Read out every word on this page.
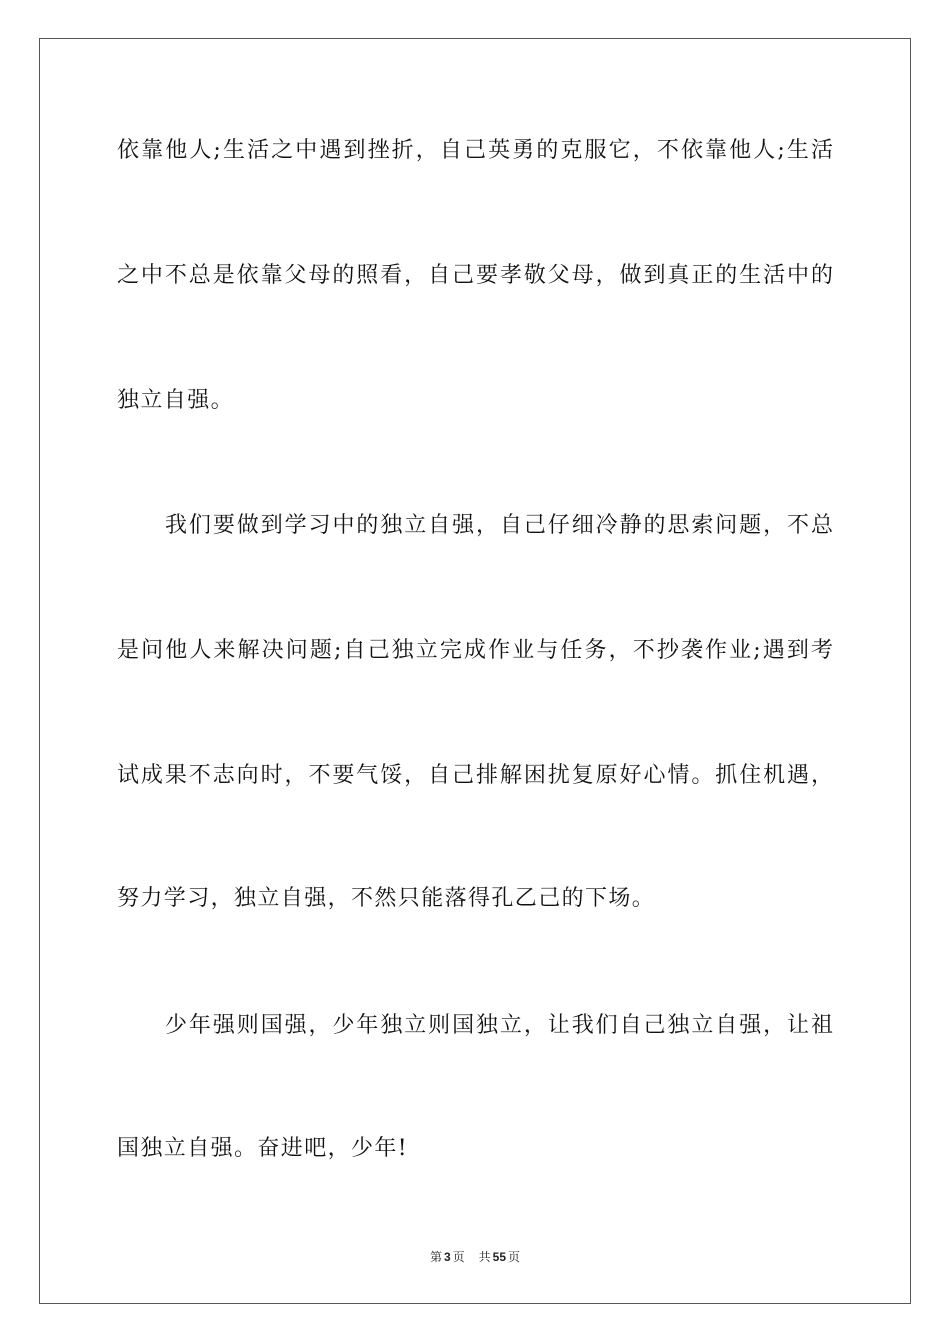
依靠他人;生活之中遇到挫折，自己英勇的克服它，不依靠他人;生活
之中不总是依靠父母的照看，自己要孝敬父母，做到真正的生活中的
独立自强。
我们要做到学习中的独立自强，自己仔细冷静的思索问题，不总
是问他人来解决问题;自己独立完成作业与任务，不抄袭作业;遇到考
试成果不志向时，不要气馁，自己排解困扰复原好心情。抓住机遇，
努力学习，独立自强，不然只能落得孔乙己的下场。
少年强则国强，少年独立则国独立，让我们自己独立自强，让祖
国独立自强。奋进吧，少年!
第 3 页 共 55 页
